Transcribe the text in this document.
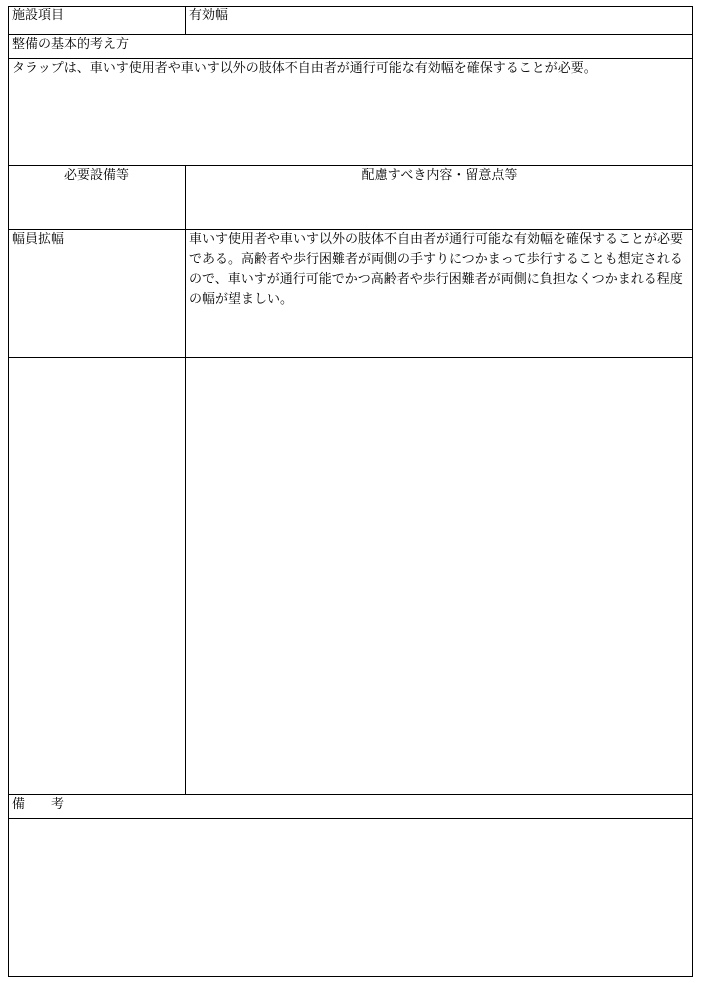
施設項目	有効幅
整備の基本的考え方
タラップは、車いす使用者や車いす以外の肢体不自由者が通行可能な有効幅を確保することが必要。
必要設備等	配慮すべき内容・留意点等
幅員拡幅	車いす使用者や車いす以外の肢体不自由者が通行可能な有効幅を確保することが必要である。高齢者や歩行困難者が両側の手すりにつかまって歩行することも想定されるので、車いすが通行可能でかつ高齢者や歩行困難者が両側に負担なくつかまれる程度の幅が望ましい。
備　　考
